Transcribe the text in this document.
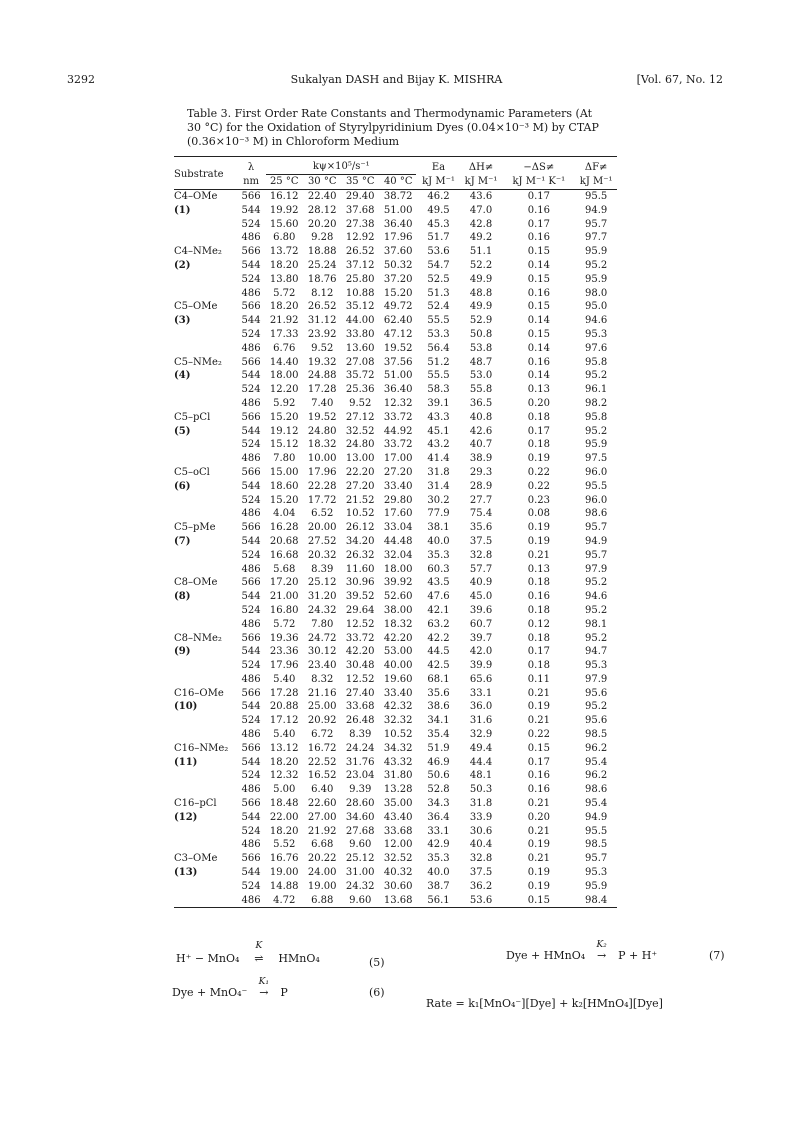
3292	Sukalyan DASH and Bijay K. MISHRA	[Vol. 67, No. 12
Table 3. First Order Rate Constants and Thermodynamic Parameters (At 30 °C) for the Oxidation of Styrylpyridinium Dyes (0.04×10⁻³ M) by CTAP (0.36×10⁻³ M) in Chloroform Medium
Substrate	λ	kψ×10⁵/s⁻¹				Ea	ΔH≠	−ΔS≠	ΔF≠
	nm	25 °C	30 °C	35 °C	40 °C	kJ M⁻¹	kJ M⁻¹	kJ M⁻¹ K⁻¹	kJ M⁻¹
C4–OMe	566	16.12	22.40	29.40	38.72	46.2	43.6	0.17	95.5
(1)	544	19.92	28.12	37.68	51.00	49.5	47.0	0.16	94.9
	524	15.60	20.20	27.38	36.40	45.3	42.8	0.17	95.7
	486	6.80	9.28	12.92	17.96	51.7	49.2	0.16	97.7
C4–NMe₂	566	13.72	18.88	26.52	37.60	53.6	51.1	0.15	95.9
(2)	544	18.20	25.24	37.12	50.32	54.7	52.2	0.14	95.2
	524	13.80	18.76	25.80	37.20	52.5	49.9	0.15	95.9
	486	5.72	8.12	10.88	15.20	51.3	48.8	0.16	98.0
C5–OMe	566	18.20	26.52	35.12	49.72	52.4	49.9	0.15	95.0
(3)	544	21.92	31.12	44.00	62.40	55.5	52.9	0.14	94.6
	524	17.33	23.92	33.80	47.12	53.3	50.8	0.15	95.3
	486	6.76	9.52	13.60	19.52	56.4	53.8	0.14	97.6
C5–NMe₂	566	14.40	19.32	27.08	37.56	51.2	48.7	0.16	95.8
(4)	544	18.00	24.88	35.72	51.00	55.5	53.0	0.14	95.2
	524	12.20	17.28	25.36	36.40	58.3	55.8	0.13	96.1
	486	5.92	7.40	9.52	12.32	39.1	36.5	0.20	98.2
C5–pCl	566	15.20	19.52	27.12	33.72	43.3	40.8	0.18	95.8
(5)	544	19.12	24.80	32.52	44.92	45.1	42.6	0.17	95.2
	524	15.12	18.32	24.80	33.72	43.2	40.7	0.18	95.9
	486	7.80	10.00	13.00	17.00	41.4	38.9	0.19	97.5
C5–oCl	566	15.00	17.96	22.20	27.20	31.8	29.3	0.22	96.0
(6)	544	18.60	22.28	27.20	33.40	31.4	28.9	0.22	95.5
	524	15.20	17.72	21.52	29.80	30.2	27.7	0.23	96.0
	486	4.04	6.52	10.52	17.60	77.9	75.4	0.08	98.6
C5–pMe	566	16.28	20.00	26.12	33.04	38.1	35.6	0.19	95.7
(7)	544	20.68	27.52	34.20	44.48	40.0	37.5	0.19	94.9
	524	16.68	20.32	26.32	32.04	35.3	32.8	0.21	95.7
	486	5.68	8.39	11.60	18.00	60.3	57.7	0.13	97.9
C8–OMe	566	17.20	25.12	30.96	39.92	43.5	40.9	0.18	95.2
(8)	544	21.00	31.20	39.52	52.60	47.6	45.0	0.16	94.6
	524	16.80	24.32	29.64	38.00	42.1	39.6	0.18	95.2
	486	5.72	7.80	12.52	18.32	63.2	60.7	0.12	98.1
C8–NMe₂	566	19.36	24.72	33.72	42.20	42.2	39.7	0.18	95.2
(9)	544	23.36	30.12	42.20	53.00	44.5	42.0	0.17	94.7
	524	17.96	23.40	30.48	40.00	42.5	39.9	0.18	95.3
	486	5.40	8.32	12.52	19.60	68.1	65.6	0.11	97.9
C16–OMe	566	17.28	21.16	27.40	33.40	35.6	33.1	0.21	95.6
(10)	544	20.88	25.00	33.68	42.32	38.6	36.0	0.19	95.2
	524	17.12	20.92	26.48	32.32	34.1	31.6	0.21	95.6
	486	5.40	6.72	8.39	10.52	35.4	32.9	0.22	98.5
C16–NMe₂	566	13.12	16.72	24.24	34.32	51.9	49.4	0.15	96.2
(11)	544	18.20	22.52	31.76	43.32	46.9	44.4	0.17	95.4
	524	12.32	16.52	23.04	31.80	50.6	48.1	0.16	96.2
	486	5.00	6.40	9.39	13.28	52.8	50.3	0.16	98.6
C16–pCl	566	18.48	22.60	28.60	35.00	34.3	31.8	0.21	95.4
(12)	544	22.00	27.00	34.60	43.40	36.4	33.9	0.20	94.9
	524	18.20	21.92	27.68	33.68	33.1	30.6	0.21	95.5
	486	5.52	6.68	9.60	12.00	42.9	40.4	0.19	98.5
C3–OMe	566	16.76	20.22	25.12	32.52	35.3	32.8	0.21	95.7
(13)	544	19.00	24.00	31.00	40.32	40.0	37.5	0.19	95.3
	524	14.88	19.00	24.32	30.60	38.7	36.2	0.19	95.9
	486	4.72	6.88	9.60	13.68	56.1	53.6	0.15	98.4
H⁺ − MnO₄
K
⇌ HMnO₄	(5)
Dye + MnO₄⁻
K₁
→ P	(6)
Dye + HMnO₄
K₂
→ P + H⁺	(7)
Rate = k₁[MnO₄⁻][Dye] + k₂[HMnO₄][Dye]
